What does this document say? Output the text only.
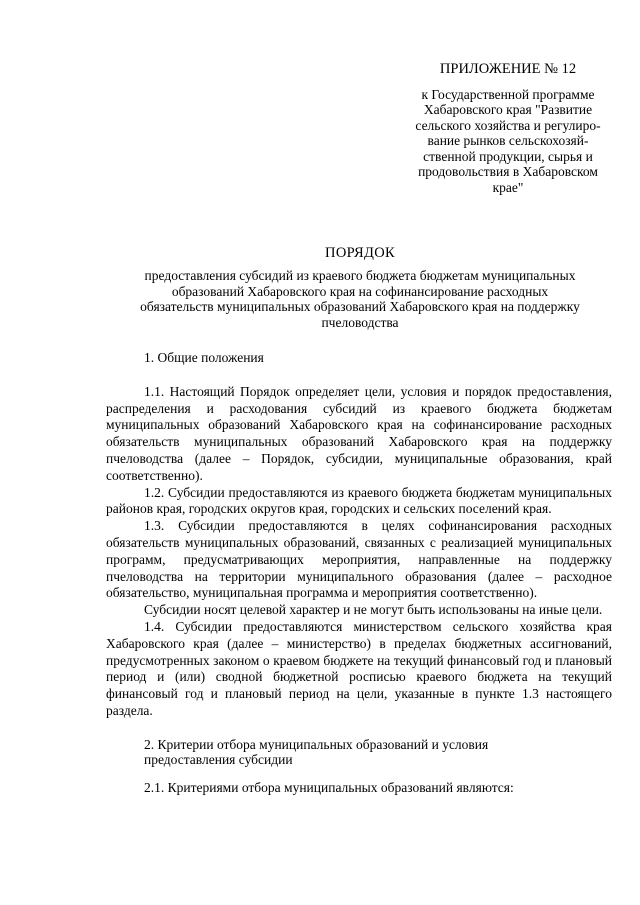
ПРИЛОЖЕНИЕ № 12
к Государственной программе
Хабаровского края "Развитие
сельского хозяйства и регулиро-
вание рынков сельскохозяй-
ственной продукции, сырья и
продовольствия в Хабаровском
крае"
ПОРЯДОК
предоставления субсидий из краевого бюджета бюджетам муниципальных
образований Хабаровского края на софинансирование расходных
обязательств муниципальных образований Хабаровского края на поддержку
пчеловодства

1. Общие положения

1.1. Настоящий Порядок определяет цели, условия и порядок предоставления, распределения и расходования субсидий из краевого бюджета бюджетам муниципальных образований Хабаровского края на софинансирование расходных обязательств муниципальных образований Хабаровского края на поддержку пчеловодства (далее – Порядок, субсидии, муниципальные образования, край соответственно).

1.2. Субсидии предоставляются из краевого бюджета бюджетам муниципальных районов края, городских округов края, городских и сельских поселений края.

1.3. Субсидии предоставляются в целях софинансирования расходных обязательств муниципальных образований, связанных с реализацией муниципальных программ, предусматривающих мероприятия, направленные на поддержку пчеловодства на территории муниципального образования (далее – расходное обязательство, муниципальная программа и мероприятия соответственно).

Субсидии носят целевой характер и не могут быть использованы на иные цели.

1.4. Субсидии предоставляются министерством сельского хозяйства края Хабаровского края (далее – министерство) в пределах бюджетных ассигнований, предусмотренных законом о краевом бюджете на текущий финансовый год и плановый период и (или) сводной бюджетной росписью краевого бюджета на текущий финансовый год и плановый период на цели, указанные в пункте 1.3 настоящего раздела.

2. Критерии отбора муниципальных образований и условия
предоставления субсидии

2.1. Критериями отбора муниципальных образований являются:
